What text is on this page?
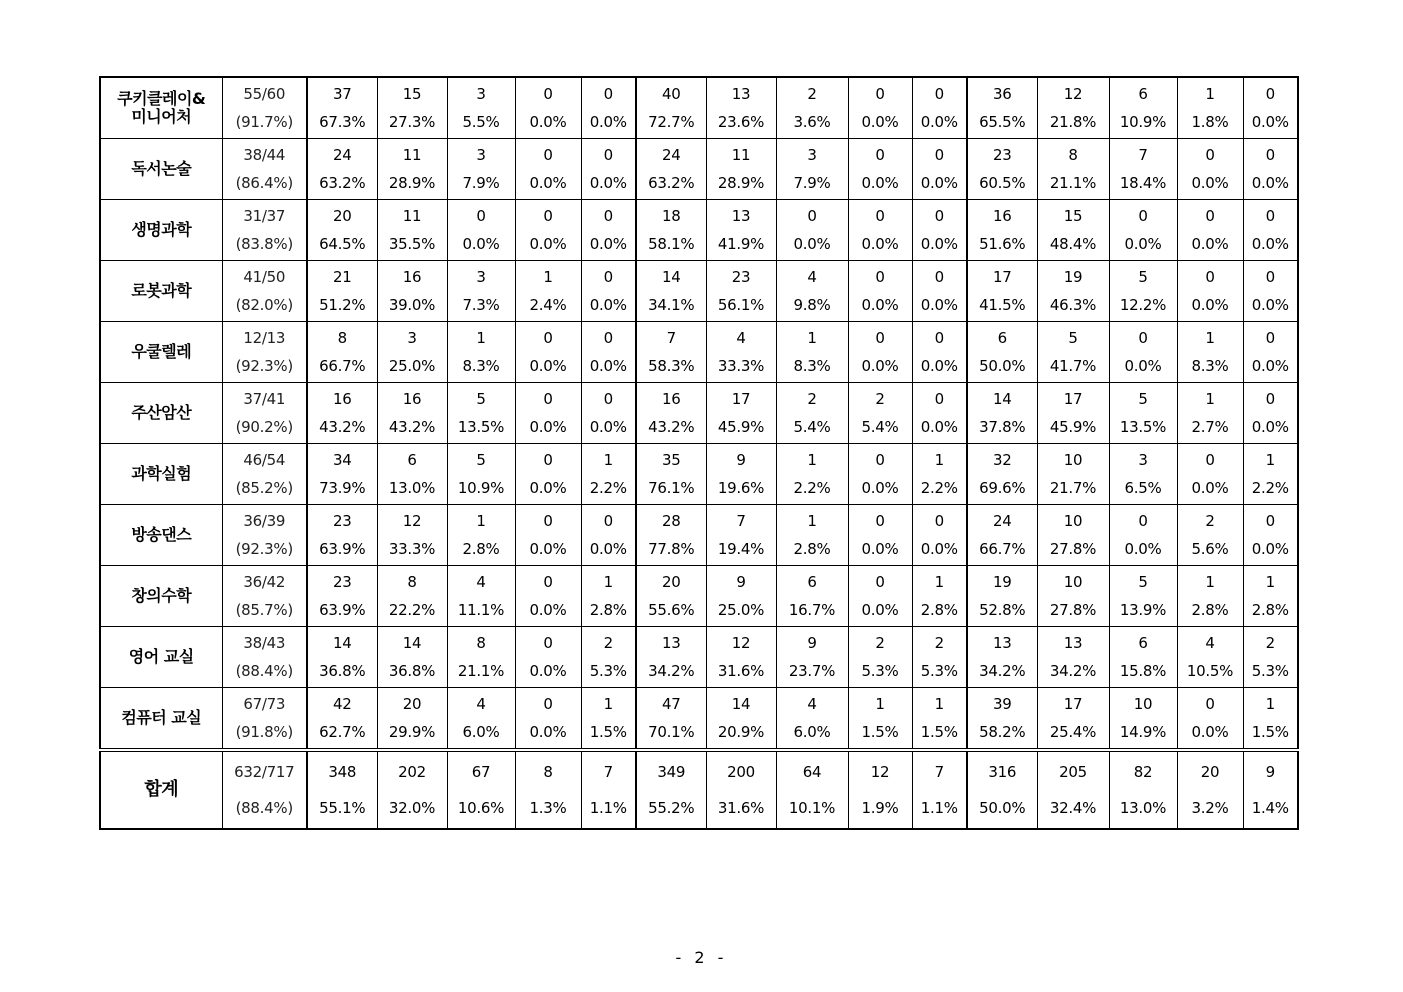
쿠키클레이&
미니어처	55/60	37	15	3	0	0	40	13	2	0	0	36	12	6	1	0
	(91.7%)	67.3%	27.3%	5.5%	0.0%	0.0%	72.7%	23.6%	3.6%	0.0%	0.0%	65.5%	21.8%	10.9%	1.8%	0.0%
독서논술	38/44	24	11	3	0	0	24	11	3	0	0	23	8	7	0	0
	(86.4%)	63.2%	28.9%	7.9%	0.0%	0.0%	63.2%	28.9%	7.9%	0.0%	0.0%	60.5%	21.1%	18.4%	0.0%	0.0%
생명과학	31/37	20	11	0	0	0	18	13	0	0	0	16	15	0	0	0
	(83.8%)	64.5%	35.5%	0.0%	0.0%	0.0%	58.1%	41.9%	0.0%	0.0%	0.0%	51.6%	48.4%	0.0%	0.0%	0.0%
로봇과학	41/50	21	16	3	1	0	14	23	4	0	0	17	19	5	0	0
	(82.0%)	51.2%	39.0%	7.3%	2.4%	0.0%	34.1%	56.1%	9.8%	0.0%	0.0%	41.5%	46.3%	12.2%	0.0%	0.0%
우쿨렐레	12/13	8	3	1	0	0	7	4	1	0	0	6	5	0	1	0
	(92.3%)	66.7%	25.0%	8.3%	0.0%	0.0%	58.3%	33.3%	8.3%	0.0%	0.0%	50.0%	41.7%	0.0%	8.3%	0.0%
주산암산	37/41	16	16	5	0	0	16	17	2	2	0	14	17	5	1	0
	(90.2%)	43.2%	43.2%	13.5%	0.0%	0.0%	43.2%	45.9%	5.4%	5.4%	0.0%	37.8%	45.9%	13.5%	2.7%	0.0%
과학실험	46/54	34	6	5	0	1	35	9	1	0	1	32	10	3	0	1
	(85.2%)	73.9%	13.0%	10.9%	0.0%	2.2%	76.1%	19.6%	2.2%	0.0%	2.2%	69.6%	21.7%	6.5%	0.0%	2.2%
방송댄스	36/39	23	12	1	0	0	28	7	1	0	0	24	10	0	2	0
	(92.3%)	63.9%	33.3%	2.8%	0.0%	0.0%	77.8%	19.4%	2.8%	0.0%	0.0%	66.7%	27.8%	0.0%	5.6%	0.0%
창의수학	36/42	23	8	4	0	1	20	9	6	0	1	19	10	5	1	1
	(85.7%)	63.9%	22.2%	11.1%	0.0%	2.8%	55.6%	25.0%	16.7%	0.0%	2.8%	52.8%	27.8%	13.9%	2.8%	2.8%
영어 교실	38/43	14	14	8	0	2	13	12	9	2	2	13	13	6	4	2
	(88.4%)	36.8%	36.8%	21.1%	0.0%	5.3%	34.2%	31.6%	23.7%	5.3%	5.3%	34.2%	34.2%	15.8%	10.5%	5.3%
컴퓨터 교실	67/73	42	20	4	0	1	47	14	4	1	1	39	17	10	0	1
	(91.8%)	62.7%	29.9%	6.0%	0.0%	1.5%	70.1%	20.9%	6.0%	1.5%	1.5%	58.2%	25.4%	14.9%	0.0%	1.5%
합계	632/717	348	202	67	8	7	349	200	64	12	7	316	205	82	20	9
	(88.4%)	55.1%	32.0%	10.6%	1.3%	1.1%	55.2%	31.6%	10.1%	1.9%	1.1%	50.0%	32.4%	13.0%	3.2%	1.4%
- 2 -
